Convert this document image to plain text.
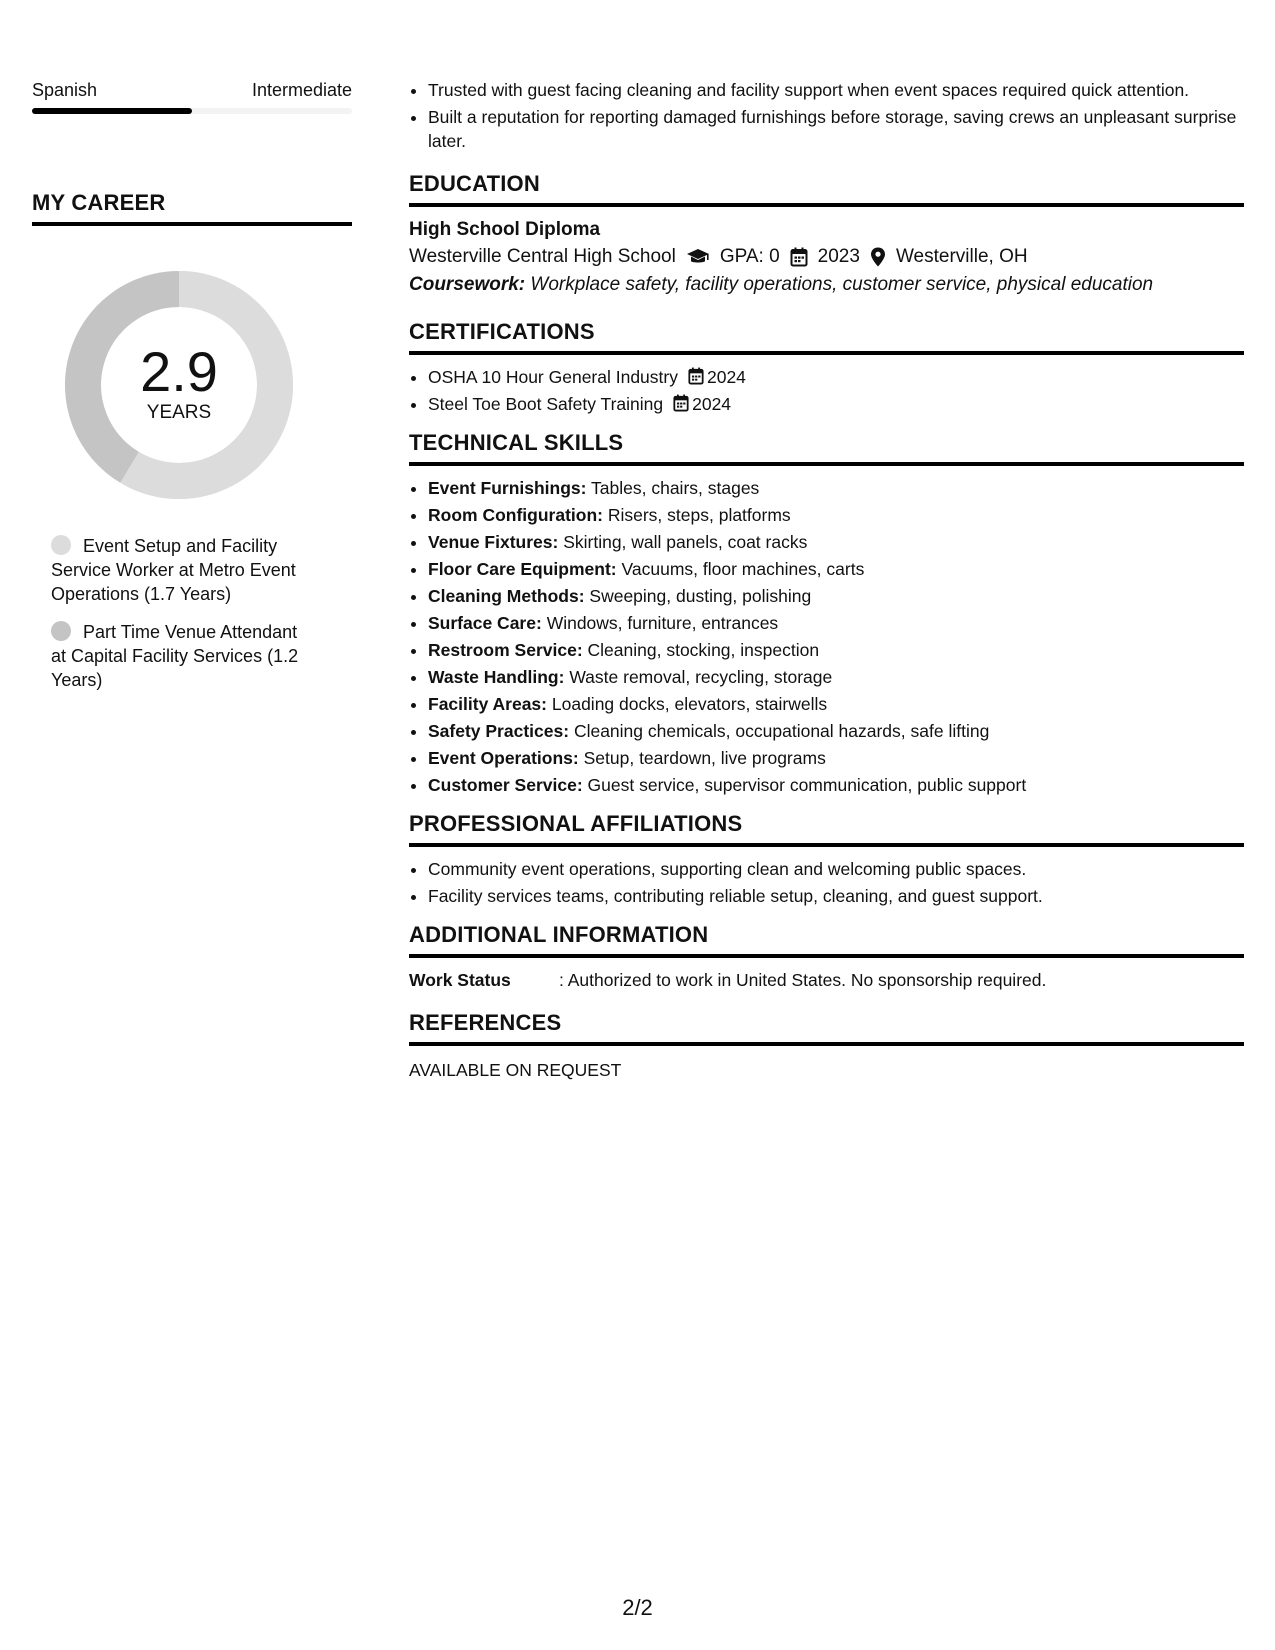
Spanish	Intermediate
MY CAREER
2.9
YEARS
Event Setup and Facility Service Worker at Metro Event Operations (1.7 Years)
Part Time Venue Attendant at Capital Facility Services (1.2 Years)
• Trusted with guest facing cleaning and facility support when event spaces required quick attention.
• Built a reputation for reporting damaged furnishings before storage, saving crews an unpleasant surprise later.
EDUCATION
High School Diploma
Westerville Central High School GPA: 0 2023 Westerville, OH
Coursework: Workplace safety, facility operations, customer service, physical education
CERTIFICATIONS
• OSHA 10 Hour General Industry 2024
• Steel Toe Boot Safety Training 2024
TECHNICAL SKILLS
• Event Furnishings: Tables, chairs, stages
• Room Configuration: Risers, steps, platforms
• Venue Fixtures: Skirting, wall panels, coat racks
• Floor Care Equipment: Vacuums, floor machines, carts
• Cleaning Methods: Sweeping, dusting, polishing
• Surface Care: Windows, furniture, entrances
• Restroom Service: Cleaning, stocking, inspection
• Waste Handling: Waste removal, recycling, storage
• Facility Areas: Loading docks, elevators, stairwells
• Safety Practices: Cleaning chemicals, occupational hazards, safe lifting
• Event Operations: Setup, teardown, live programs
• Customer Service: Guest service, supervisor communication, public support
PROFESSIONAL AFFILIATIONS
• Community event operations, supporting clean and welcoming public spaces.
• Facility services teams, contributing reliable setup, cleaning, and guest support.
ADDITIONAL INFORMATION
Work Status	: Authorized to work in United States. No sponsorship required.
REFERENCES
AVAILABLE ON REQUEST
2/2
